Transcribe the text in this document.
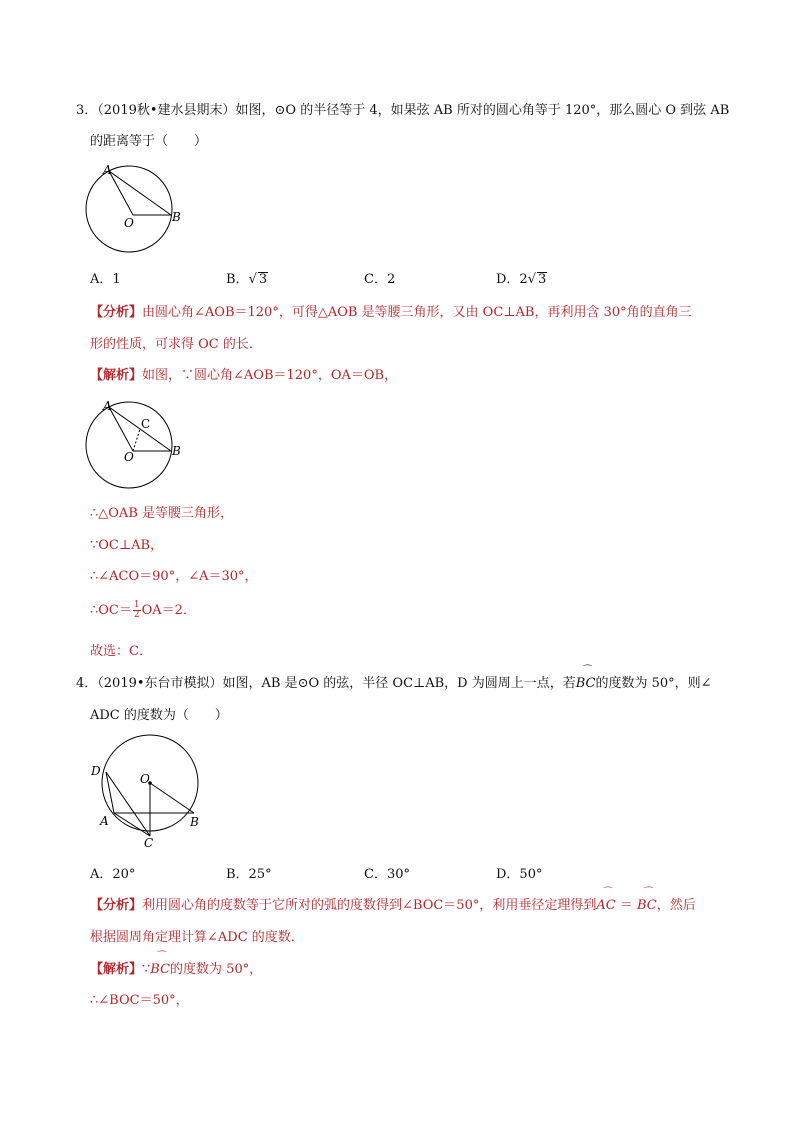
3．（2019秋•建水县期末）如图，⊙O 的半径等于 4，如果弦 AB 所对的圆心角等于 120°，那么圆心 O 到弦 AB
的距离等于（　　）
A
O	B
A．1	B．√ 3	C．2	D．2√ 3
【分析】由圆心角∠AOB＝120°，可得△AOB 是等腰三角形，又由 OC⊥AB，再利用含 30°角的直角三
形的性质，可求得 OC 的长．
【解析】如图，∵圆心角∠AOB＝120°，OA＝OB，
A
C
O	B
∴△OAB 是等腰三角形，
∵OC⊥AB，
∴∠ACO＝90°，∠A＝30°，
∴OC＝ $\frac{1}{2} OA=2$．
故选：C．
4．（2019•东台市模拟）如图，AB 是⊙O 的弦，半径 OC⊥AB，D 为圆周上一点，若⌒ BC的度数为 50°，则∠
ADC 的度数为（　　）
D
O
A	B
C
A．20°	B．25°	C．30°	D．50°
【分析】利用圆心角的度数等于它所对的弧的度数得到∠BOC＝50°，利用垂径定理得到⌒ AC ＝ ⌒ BC，然后
根据圆周角定理计算∠ADC 的度数．
【解析】∵⌒ BC的度数为 50°，
∴∠BOC＝50°，
